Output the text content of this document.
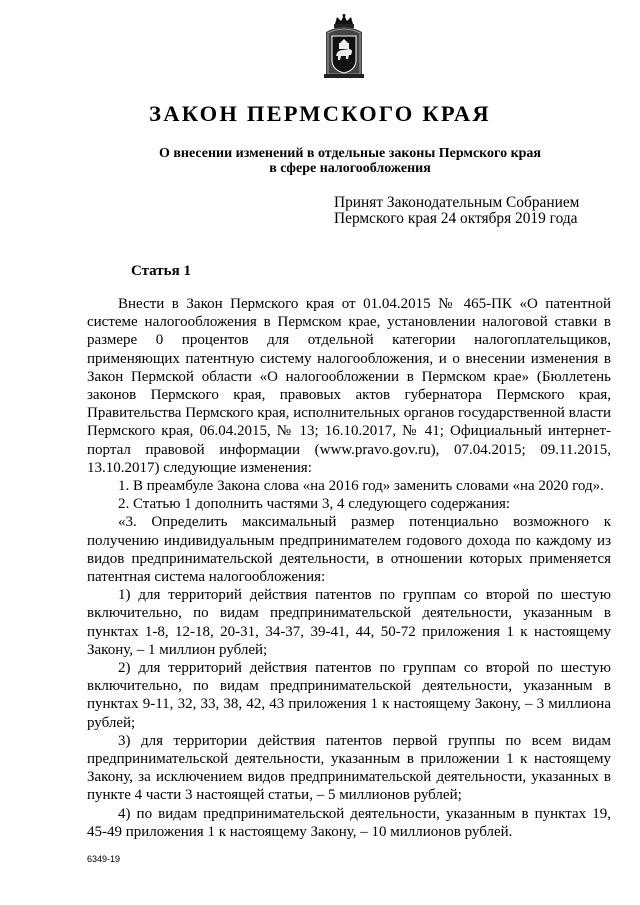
ЗАКОН ПЕРМСКОГО КРАЯ
О внесении изменений в отдельные законы Пермского края
в сфере налогообложения
Принят Законодательным Собранием
Пермского края 24 октября 2019 года
Статья 1

Внести в Закон Пермского края от 01.04.2015 № 465-ПК «О патентной системе налогообложения в Пермском крае, установлении налоговой ставки в размере 0 процентов для отдельной категории налогоплательщиков, применяющих патентную систему налогообложения, и о внесении изменения в Закон Пермской области «О налогообложении в Пермском крае» (Бюллетень законов Пермского края, правовых актов губернатора Пермского края, Правительства Пермского края, исполнительных органов государственной власти Пермского края, 06.04.2015, № 13; 16.10.2017, № 41; Официальный интернет-портал правовой информации (www.pravo.gov.ru), 07.04.2015; 09.11.2015, 13.10.2017) следующие изменения:

1. В преамбуле Закона слова «на 2016 год» заменить словами «на 2020 год».

2. Статью 1 дополнить частями 3, 4 следующего содержания:

«3. Определить максимальный размер потенциально возможного к получению индивидуальным предпринимателем годового дохода по каждому из видов предпринимательской деятельности, в отношении которых применяется патентная система налогообложения:

1) для территорий действия патентов по группам со второй по шестую включительно, по видам предпринимательской деятельности, указанным в пунктах 1-8, 12-18, 20-31, 34-37, 39-41, 44, 50-72 приложения 1 к настоящему Закону, – 1 миллион рублей;

2) для территорий действия патентов по группам со второй по шестую включительно, по видам предпринимательской деятельности, указанным в пунктах 9-11, 32, 33, 38, 42, 43 приложения 1 к настоящему Закону, – 3 миллиона рублей;

3) для территории действия патентов первой группы по всем видам предпринимательской деятельности, указанным в приложении 1 к настоящему Закону, за исключением видов предпринимательской деятельности, указанных в пункте 4 части 3 настоящей статьи, – 5 миллионов рублей;

4) по видам предпринимательской деятельности, указанным в пунктах 19, 45-49 приложения 1 к настоящему Закону, – 10 миллионов рублей.

6349-19
